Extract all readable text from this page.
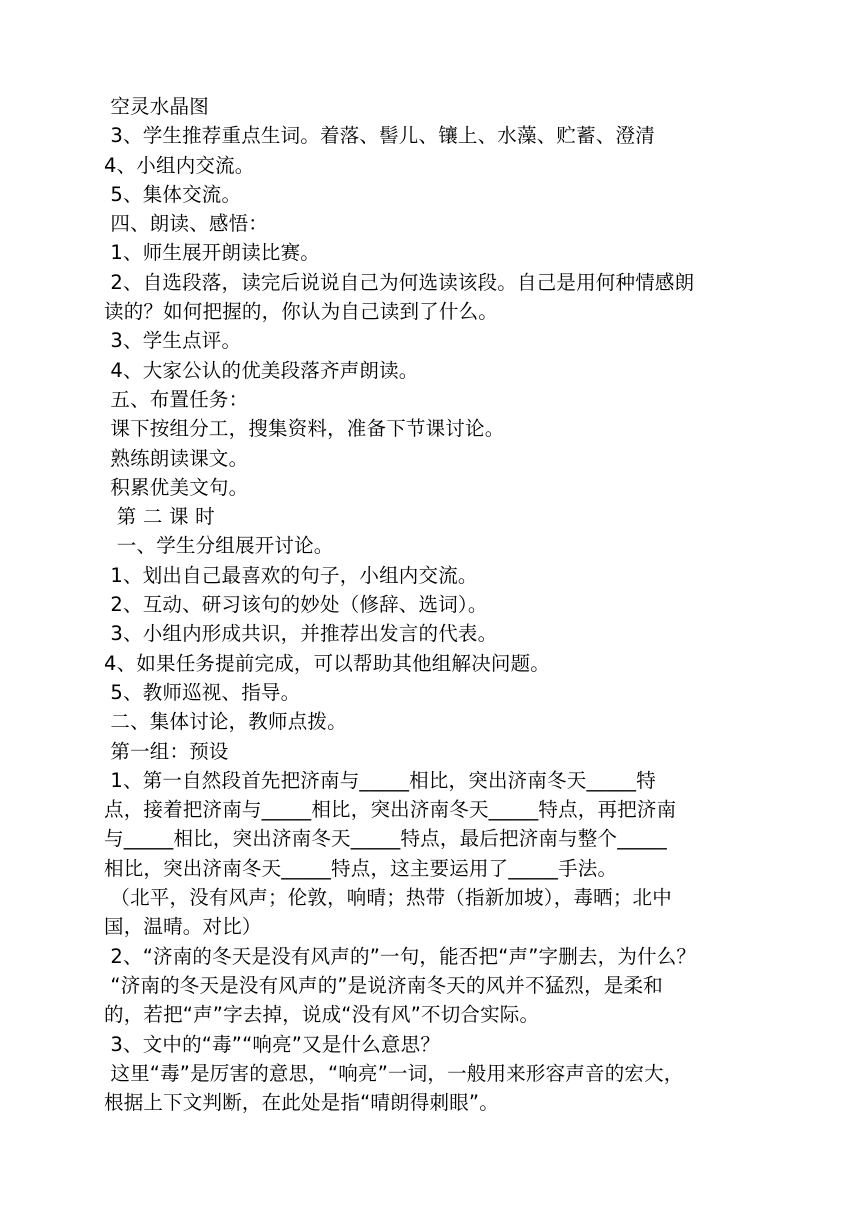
空灵水晶图
3、学生推荐重点生词。着落、髻儿、镶上、水藻、贮蓄、澄清
4、小组内交流。
5、集体交流。
四、朗读、感悟：
1、师生展开朗读比赛。
2、自选段落，读完后说说自己为何选读该段。自己是用何种情感朗
读的？如何把握的，你认为自己读到了什么。
3、学生点评。
4、大家公认的优美段落齐声朗读。
五、布置任务：
课下按组分工，搜集资料，准备下节课讨论。
熟练朗读课文。
积累优美文句。
第 二 课 时
一、学生分组展开讨论。
1、划出自己最喜欢的句子，小组内交流。
2、互动、研习该句的妙处（修辞、选词）。
3、小组内形成共识，并推荐出发言的代表。
4、如果任务提前完成，可以帮助其他组解决问题。
5、教师巡视、指导。
二、集体讨论，教师点拨。
第一组：预设
1、第一自然段首先把济南与_____相比，突出济南冬天_____特
点，接着把济南与_____相比，突出济南冬天_____特点，再把济南
与_____相比，突出济南冬天_____特点，最后把济南与整个_____
相比，突出济南冬天_____特点，这主要运用了_____手法。
（北平，没有风声；伦敦，响晴；热带（指新加坡），毒晒；北中
国，温晴。对比）
2、“济南的冬天是没有风声的”一句，能否把“声”字删去，为什么？
“济南的冬天是没有风声的”是说济南冬天的风并不猛烈，是柔和
的，若把“声”字去掉，说成“没有风”不切合实际。
3、文中的“毒”“响亮”又是什么意思？
这里“毒”是厉害的意思，“响亮”一词，一般用来形容声音的宏大，
根据上下文判断，在此处是指“晴朗得刺眼”。
